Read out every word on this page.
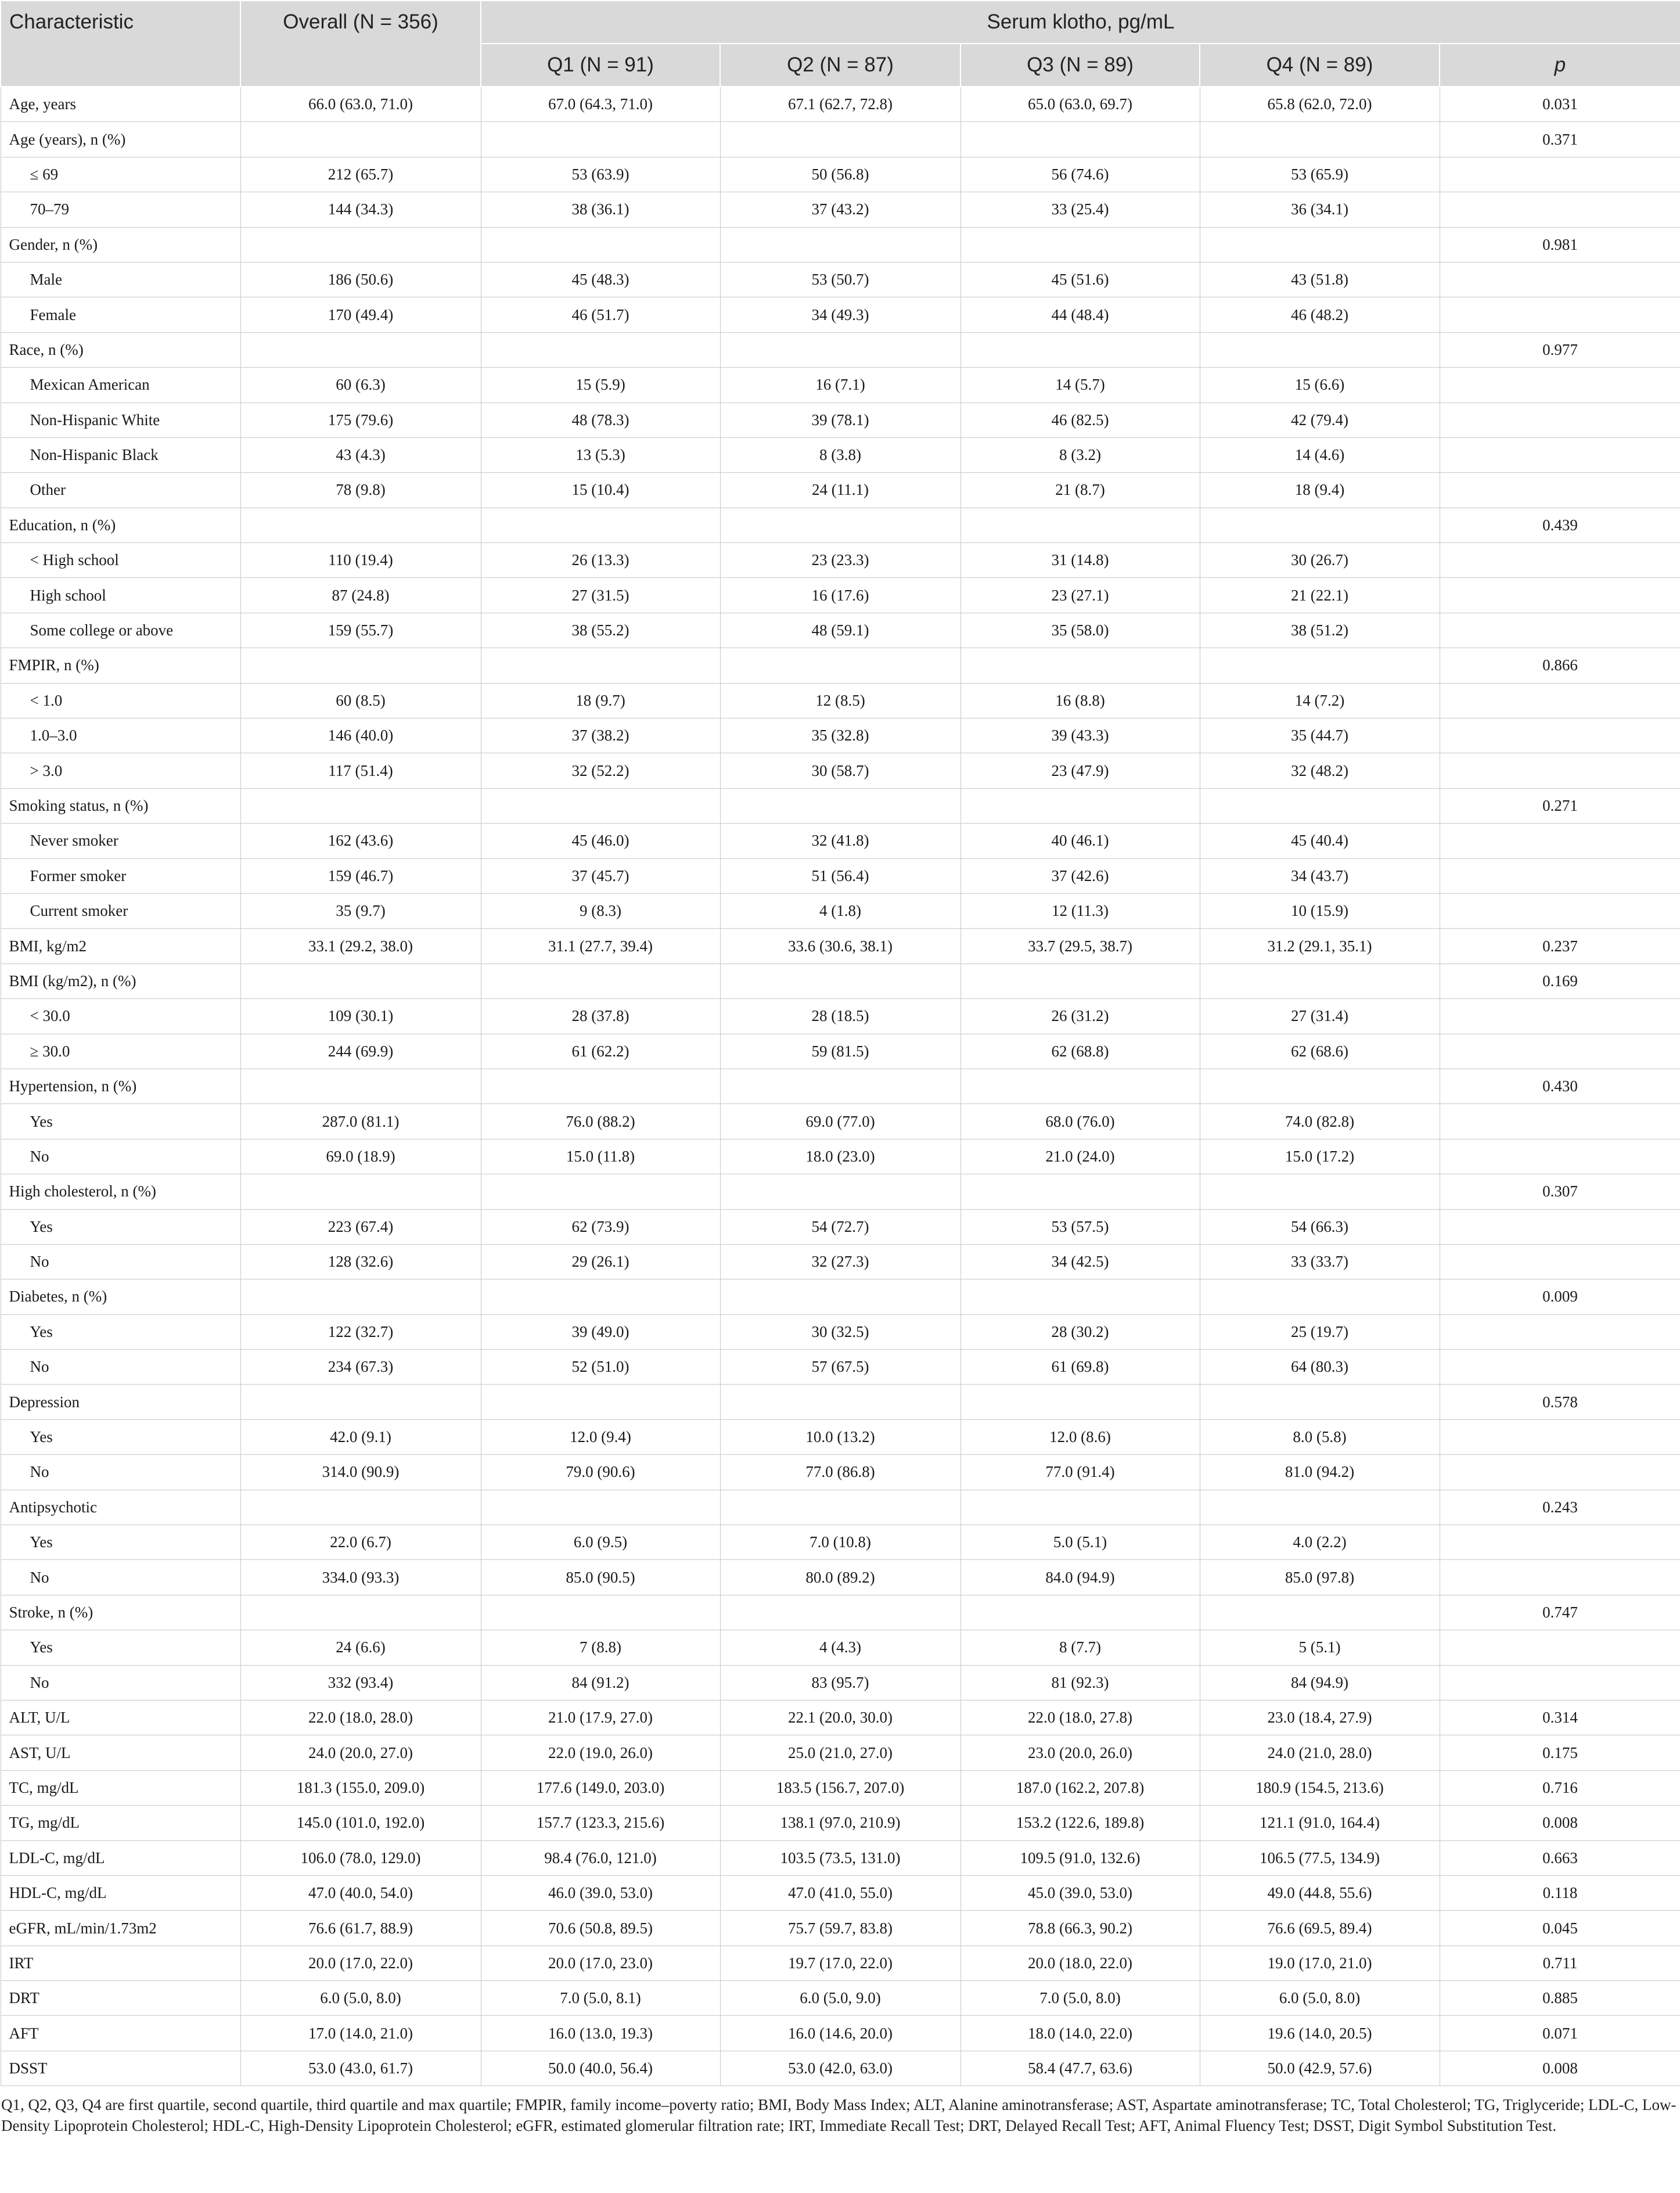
Characteristic	Overall (N = 356)	Serum klotho, pg/mL				
		Q1 (N = 91)	Q2 (N = 87)	Q3 (N = 89)	Q4 (N = 89)	p
Age, years	66.0 (63.0, 71.0)	67.0 (64.3, 71.0)	67.1 (62.7, 72.8)	65.0 (63.0, 69.7)	65.8 (62.0, 72.0)	0.031
Age (years), n (%)						0.371
≤ 69	212 (65.7)	53 (63.9)	50 (56.8)	56 (74.6)	53 (65.9)	
70–79	144 (34.3)	38 (36.1)	37 (43.2)	33 (25.4)	36 (34.1)	
Gender, n (%)						0.981
Male	186 (50.6)	45 (48.3)	53 (50.7)	45 (51.6)	43 (51.8)	
Female	170 (49.4)	46 (51.7)	34 (49.3)	44 (48.4)	46 (48.2)	
Race, n (%)						0.977
Mexican American	60 (6.3)	15 (5.9)	16 (7.1)	14 (5.7)	15 (6.6)	
Non-Hispanic White	175 (79.6)	48 (78.3)	39 (78.1)	46 (82.5)	42 (79.4)	
Non-Hispanic Black	43 (4.3)	13 (5.3)	8 (3.8)	8 (3.2)	14 (4.6)	
Other	78 (9.8)	15 (10.4)	24 (11.1)	21 (8.7)	18 (9.4)	
Education, n (%)						0.439
< High school	110 (19.4)	26 (13.3)	23 (23.3)	31 (14.8)	30 (26.7)	
High school	87 (24.8)	27 (31.5)	16 (17.6)	23 (27.1)	21 (22.1)	
Some college or above	159 (55.7)	38 (55.2)	48 (59.1)	35 (58.0)	38 (51.2)	
FMPIR, n (%)						0.866
< 1.0	60 (8.5)	18 (9.7)	12 (8.5)	16 (8.8)	14 (7.2)	
1.0–3.0	146 (40.0)	37 (38.2)	35 (32.8)	39 (43.3)	35 (44.7)	
> 3.0	117 (51.4)	32 (52.2)	30 (58.7)	23 (47.9)	32 (48.2)	
Smoking status, n (%)						0.271
Never smoker	162 (43.6)	45 (46.0)	32 (41.8)	40 (46.1)	45 (40.4)	
Former smoker	159 (46.7)	37 (45.7)	51 (56.4)	37 (42.6)	34 (43.7)	
Current smoker	35 (9.7)	9 (8.3)	4 (1.8)	12 (11.3)	10 (15.9)	
BMI, kg/m2	33.1 (29.2, 38.0)	31.1 (27.7, 39.4)	33.6 (30.6, 38.1)	33.7 (29.5, 38.7)	31.2 (29.1, 35.1)	0.237
BMI (kg/m2), n (%)						0.169
< 30.0	109 (30.1)	28 (37.8)	28 (18.5)	26 (31.2)	27 (31.4)	
≥ 30.0	244 (69.9)	61 (62.2)	59 (81.5)	62 (68.8)	62 (68.6)	
Hypertension, n (%)						0.430
Yes	287.0 (81.1)	76.0 (88.2)	69.0 (77.0)	68.0 (76.0)	74.0 (82.8)	
No	69.0 (18.9)	15.0 (11.8)	18.0 (23.0)	21.0 (24.0)	15.0 (17.2)	
High cholesterol, n (%)						0.307
Yes	223 (67.4)	62 (73.9)	54 (72.7)	53 (57.5)	54 (66.3)	
No	128 (32.6)	29 (26.1)	32 (27.3)	34 (42.5)	33 (33.7)	
Diabetes, n (%)						0.009
Yes	122 (32.7)	39 (49.0)	30 (32.5)	28 (30.2)	25 (19.7)	
No	234 (67.3)	52 (51.0)	57 (67.5)	61 (69.8)	64 (80.3)	
Depression						0.578
Yes	42.0 (9.1)	12.0 (9.4)	10.0 (13.2)	12.0 (8.6)	8.0 (5.8)	
No	314.0 (90.9)	79.0 (90.6)	77.0 (86.8)	77.0 (91.4)	81.0 (94.2)	
Antipsychotic						0.243
Yes	22.0 (6.7)	6.0 (9.5)	7.0 (10.8)	5.0 (5.1)	4.0 (2.2)	
No	334.0 (93.3)	85.0 (90.5)	80.0 (89.2)	84.0 (94.9)	85.0 (97.8)	
Stroke, n (%)						0.747
Yes	24 (6.6)	7 (8.8)	4 (4.3)	8 (7.7)	5 (5.1)	
No	332 (93.4)	84 (91.2)	83 (95.7)	81 (92.3)	84 (94.9)	
ALT, U/L	22.0 (18.0, 28.0)	21.0 (17.9, 27.0)	22.1 (20.0, 30.0)	22.0 (18.0, 27.8)	23.0 (18.4, 27.9)	0.314
AST, U/L	24.0 (20.0, 27.0)	22.0 (19.0, 26.0)	25.0 (21.0, 27.0)	23.0 (20.0, 26.0)	24.0 (21.0, 28.0)	0.175
TC, mg/dL	181.3 (155.0, 209.0)	177.6 (149.0, 203.0)	183.5 (156.7, 207.0)	187.0 (162.2, 207.8)	180.9 (154.5, 213.6)	0.716
TG, mg/dL	145.0 (101.0, 192.0)	157.7 (123.3, 215.6)	138.1 (97.0, 210.9)	153.2 (122.6, 189.8)	121.1 (91.0, 164.4)	0.008
LDL-C, mg/dL	106.0 (78.0, 129.0)	98.4 (76.0, 121.0)	103.5 (73.5, 131.0)	109.5 (91.0, 132.6)	106.5 (77.5, 134.9)	0.663
HDL-C, mg/dL	47.0 (40.0, 54.0)	46.0 (39.0, 53.0)	47.0 (41.0, 55.0)	45.0 (39.0, 53.0)	49.0 (44.8, 55.6)	0.118
eGFR, mL/min/1.73m2	76.6 (61.7, 88.9)	70.6 (50.8, 89.5)	75.7 (59.7, 83.8)	78.8 (66.3, 90.2)	76.6 (69.5, 89.4)	0.045
IRT	20.0 (17.0, 22.0)	20.0 (17.0, 23.0)	19.7 (17.0, 22.0)	20.0 (18.0, 22.0)	19.0 (17.0, 21.0)	0.711
DRT	6.0 (5.0, 8.0)	7.0 (5.0, 8.1)	6.0 (5.0, 9.0)	7.0 (5.0, 8.0)	6.0 (5.0, 8.0)	0.885
AFT	17.0 (14.0, 21.0)	16.0 (13.0, 19.3)	16.0 (14.6, 20.0)	18.0 (14.0, 22.0)	19.6 (14.0, 20.5)	0.071
DSST	53.0 (43.0, 61.7)	50.0 (40.0, 56.4)	53.0 (42.0, 63.0)	58.4 (47.7, 63.6)	50.0 (42.9, 57.6)	0.008
Q1, Q2, Q3, Q4 are first quartile, second quartile, third quartile and max quartile; FMPIR, family income–poverty ratio; BMI, Body Mass Index; ALT, Alanine aminotransferase; AST, Aspartate aminotransferase; TC, Total Cholesterol; TG, Triglyceride; LDL-C, Low-Density Lipoprotein Cholesterol; HDL-C, High-Density Lipoprotein Cholesterol; eGFR, estimated glomerular filtration rate; IRT, Immediate Recall Test; DRT, Delayed Recall Test; AFT, Animal Fluency Test; DSST, Digit Symbol Substitution Test.
